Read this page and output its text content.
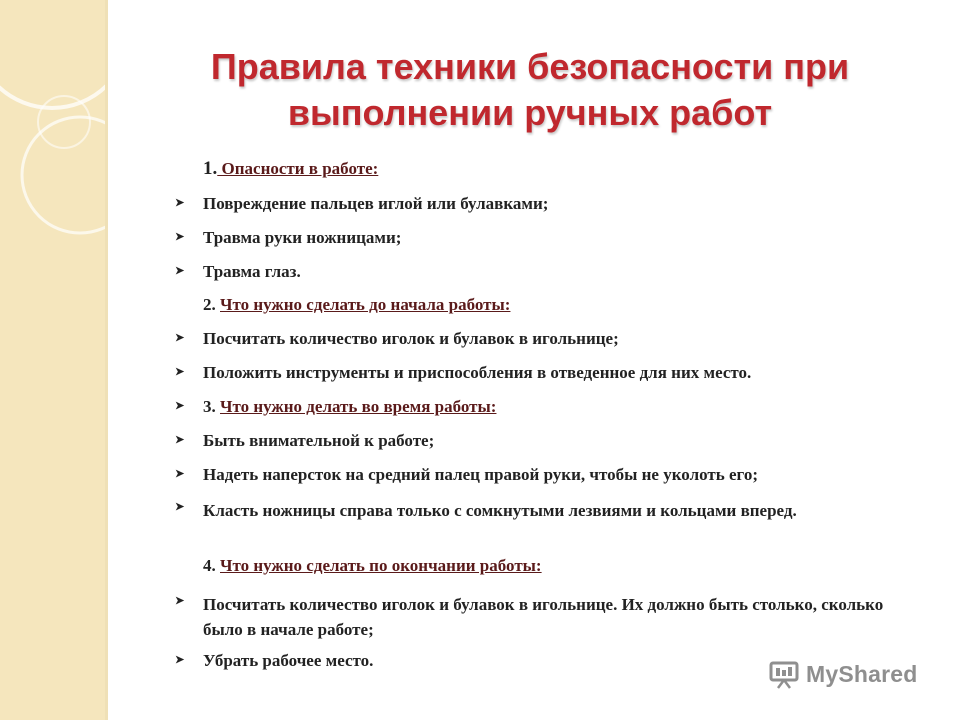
Правила техники безопасности при
выполнении ручных работ
1. Опасности в работе:
➤ Повреждение пальцев иглой или булавками;
➤ Травма руки ножницами;
➤ Травма глаз.
2. Что нужно сделать до начала работы:
➤ Посчитать количество иголок и булавок в игольнице;
➤ Положить инструменты и приспособления в отведенное для них место.
➤ 3. Что нужно делать во время работы:
➤ Быть внимательной к работе;
➤ Надеть наперсток на средний палец правой руки, чтобы не уколоть его;
➤ Класть ножницы справа только с сомкнутыми лезвиями и кольцами вперед.
4. Что нужно сделать по окончании работы:
➤ Посчитать количество иголок и булавок в игольнице. Их должно быть столько, сколько было в начале работе;
➤ Убрать рабочее место.	MyShared
